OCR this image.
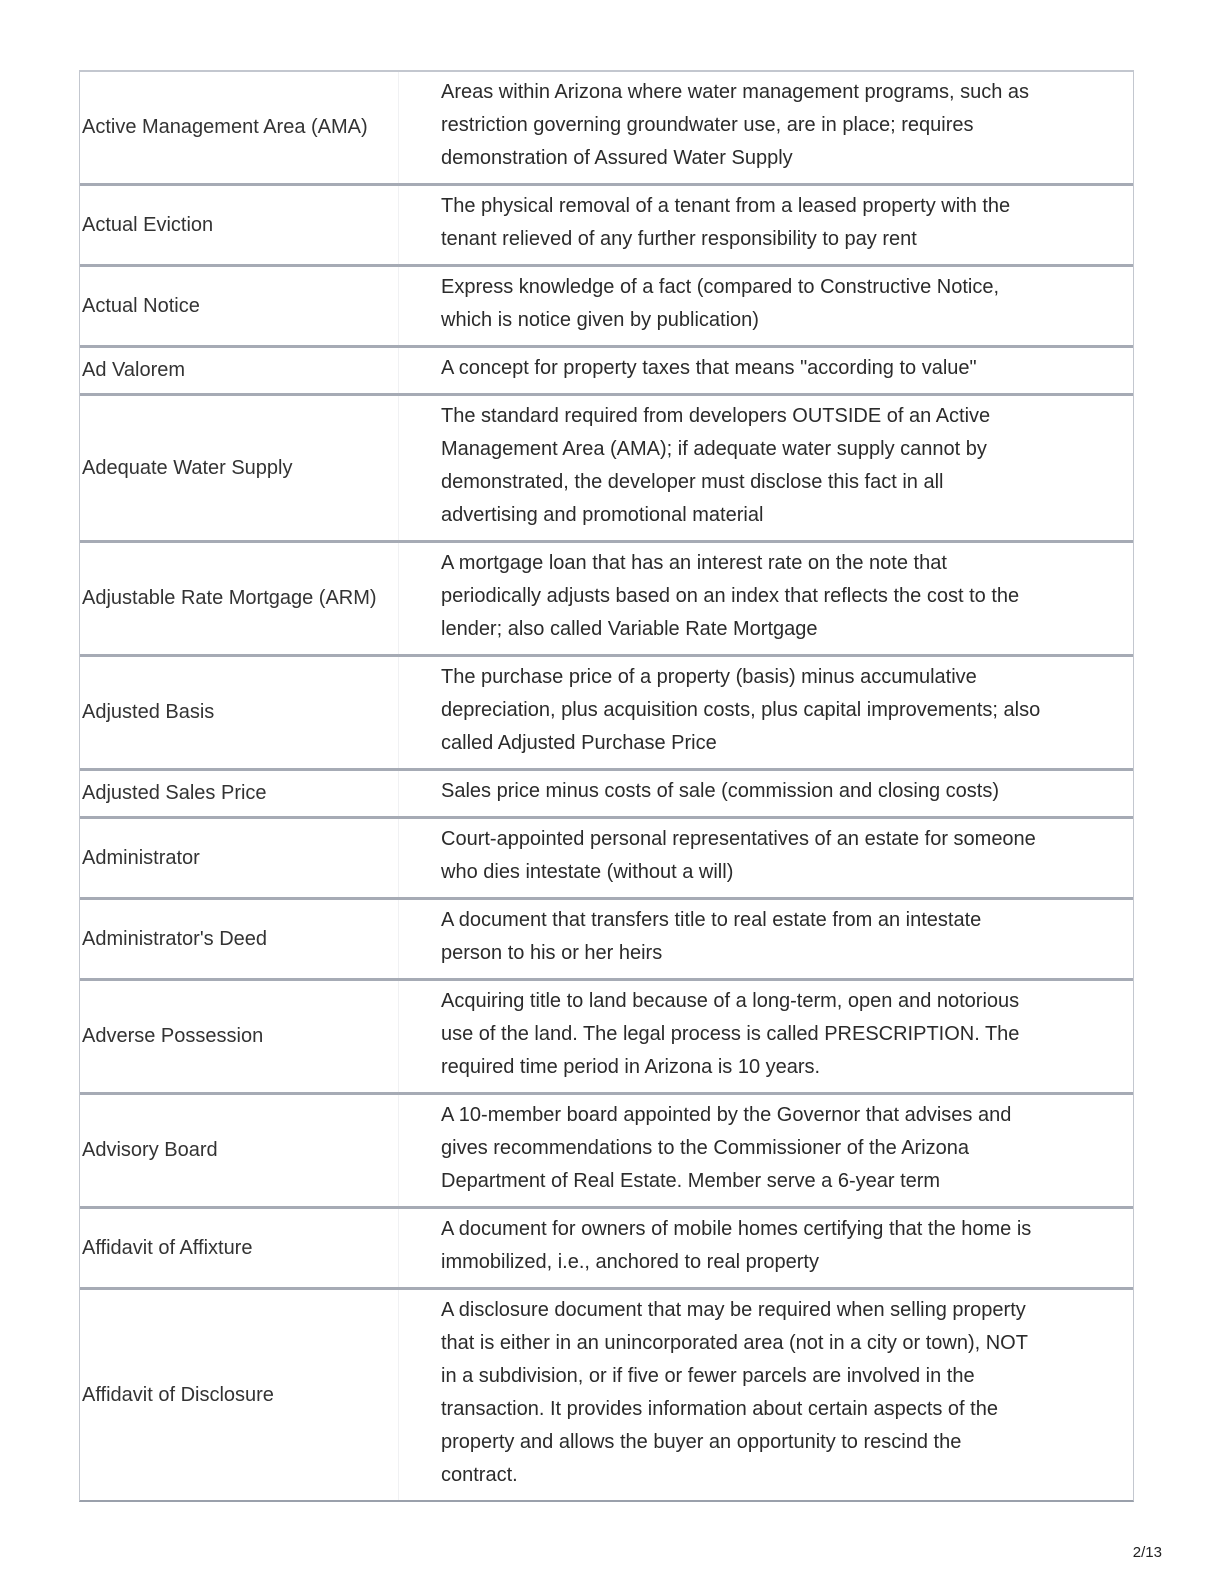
Active Management Area (AMA)
Areas within Arizona where water management programs, such as restriction governing groundwater use, are in place; requires demonstration of Assured Water Supply
Actual Eviction
The physical removal of a tenant from a leased property with the tenant relieved of any further responsibility to pay rent
Actual Notice
Express knowledge of a fact (compared to Constructive Notice, which is notice given by publication)
Ad Valorem	A concept for property taxes that means "according to value"
Adequate Water Supply
The standard required from developers OUTSIDE of an Active Management Area (AMA); if adequate water supply cannot by demonstrated, the developer must disclose this fact in all advertising and promotional material
Adjustable Rate Mortgage (ARM)
A mortgage loan that has an interest rate on the note that periodically adjusts based on an index that reflects the cost to the lender; also called Variable Rate Mortgage
Adjusted Basis
The purchase price of a property (basis) minus accumulative depreciation, plus acquisition costs, plus capital improvements; also called Adjusted Purchase Price
Adjusted Sales Price	Sales price minus costs of sale (commission and closing costs)
Administrator
Court-appointed personal representatives of an estate for someone who dies intestate (without a will)
Administrator's Deed
A document that transfers title to real estate from an intestate person to his or her heirs
Adverse Possession
Acquiring title to land because of a long-term, open and notorious use of the land. The legal process is called PRESCRIPTION. The required time period in Arizona is 10 years.
Advisory Board
A 10-member board appointed by the Governor that advises and gives recommendations to the Commissioner of the Arizona Department of Real Estate. Member serve a 6-year term
Affidavit of Affixture
A document for owners of mobile homes certifying that the home is immobilized, i.e., anchored to real property
Affidavit of Disclosure
A disclosure document that may be required when selling property that is either in an unincorporated area (not in a city or town), NOT in a subdivision, or if five or fewer parcels are involved in the transaction. It provides information about certain aspects of the property and allows the buyer an opportunity to rescind the contract.
2/13
